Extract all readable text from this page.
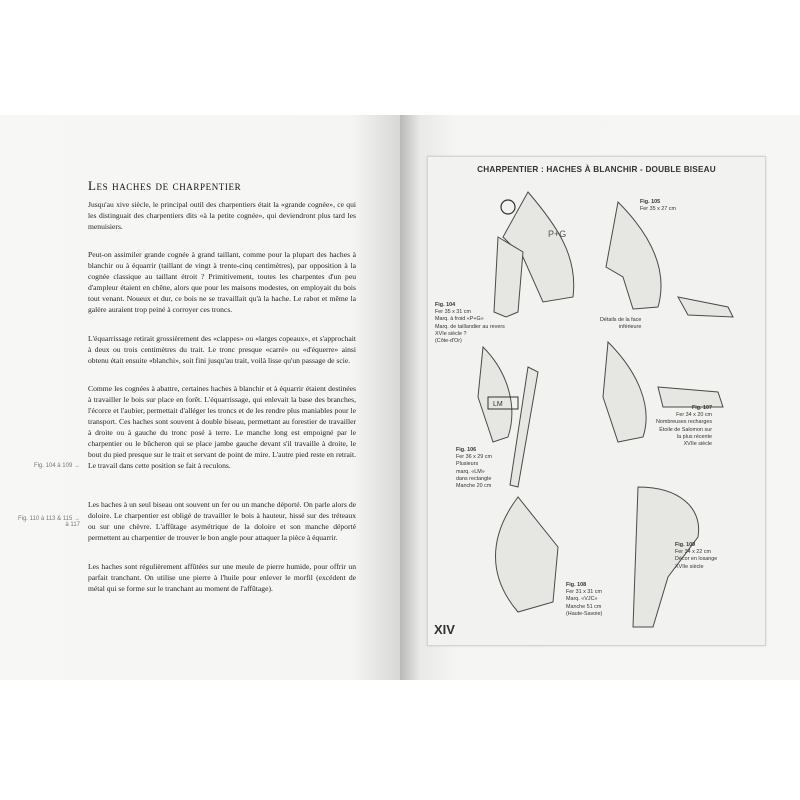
Les haches de charpentier

Jusqu'au xive siècle, le principal outil des charpentiers était la «grande cognée», ce qui les distinguait des charpentiers dits «à la petite cognée», qui deviendront plus tard les menuisiers.

Peut-on assimiler grande cognée à grand taillant, comme pour la plupart des haches à blanchir ou à équarrir (taillant de vingt à trente-cinq centimètres), par opposition à la cognée classique au taillant étroit ? Primitivement, toutes les charpentes d'un peu d'ampleur étaient en chêne, alors que pour les maisons modestes, on employait du bois tout venant. Noueux et dur, ce bois ne se travaillait qu'à la hache. Le rabot et même la galère auraient trop peiné à corroyer ces troncs.

L'équarrissage retirait grossièrement des «clappes» ou «larges copeaux», et s'approchait à deux ou trois centimètres du trait. Le tronc presque «carré» ou «d'équerre» ainsi obtenu était ensuite «blanchi», soit fini jusqu'au trait, voilà lisse qu'un passage de scie.

Comme les cognées à abattre, certaines haches à blanchir et à équarrir étaient destinées à travailler le bois sur place en forêt. L'équarrissage, qui enlevait la base des branches, l'écorce et l'aubier, permettait d'alléger les troncs et de les rendre plus maniables pour le transport. Ces haches sont souvent à double biseau, permettant au forestier de travailler à droite ou à gauche du tronc posé à terre. Le manche long est empoigné par le charpentier ou le bûcheron qui se place jambe gauche devant s'il travaille à droite, le bout du pied presque sur le trait et servant de point de mire. L'autre pied reste en retrait. Le travail dans cette position se fait à reculons.

Les haches à un seul biseau ont souvent un fer ou un manche déporté. On parle alors de doloire. Le charpentier est obligé de travailler le bois à hauteur, hissé sur des tréteaux ou sur une chèvre. L'affûtage asymétrique de la doloire et son manche déporté permettent au charpentier de trouver le bon angle pour attaquer la pièce à équarrir.

Les haches sont régulièrement affûtées sur une meule de pierre humide, pour offrir un parfait tranchant. On utilise une pierre à l'huile pour enlever le morfil (excédent de métal qui se forme sur le tranchant au moment de l'affûtage).

Fig. 104 à 109 →
Fig. 110 à 113 & 115 →
à 117
CHARPENTIER : HACHES À BLANCHIR - DOUBLE BISEAU
P+G
LM
Fig. 104
Fer 35 x 31 cm
Marq. à froid «P+G»
Marq. de taillandier au revers
XVIe siècle ?
(Côte-d'Or)
Fig. 105
Fer 35 x 27 cm
Détails de la face
inférieure
Fig. 106
Fer 36 x 29 cm
Plusieurs
marq. «LM»
dans rectangle
Manche 20 cm
Fig. 107
Fer 34 x 20 cm
Nombreuses recharges
Étoile de Salomon sur
la plus récente
XVIIe siècle
Fig. 108
Fer 31 x 31 cm
Marq. «VJC»
Manche 51 cm
(Haute-Savoie)
Fig. 109
Fer 34 x 22 cm
Décor en losange
XVIIe siècle
XIV
